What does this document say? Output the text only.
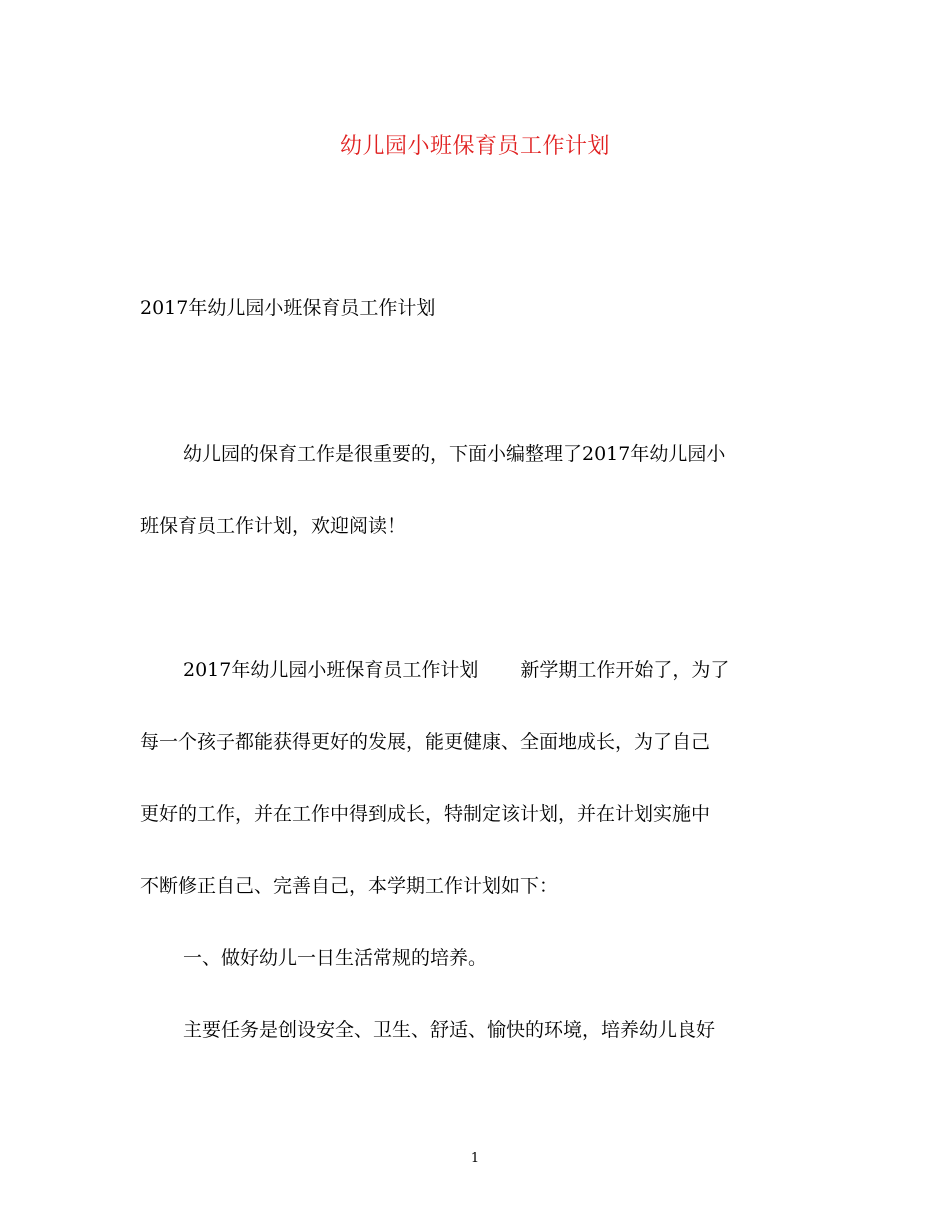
幼儿园小班保育员工作计划
2017年幼儿园小班保育员工作计划
幼儿园的保育工作是很重要的，下面小编整理了2017年幼儿园小
班保育员工作计划，欢迎阅读！
2017年幼儿园小班保育员工作计划 新学期工作开始了，为了
每一个孩子都能获得更好的发展，能更健康、全面地成长，为了自己
更好的工作，并在工作中得到成长，特制定该计划，并在计划实施中
不断修正自己、完善自己，本学期工作计划如下：
一、做好幼儿一日生活常规的培养。
主要任务是创设安全、卫生、舒适、愉快的环境，培养幼儿良好
1
